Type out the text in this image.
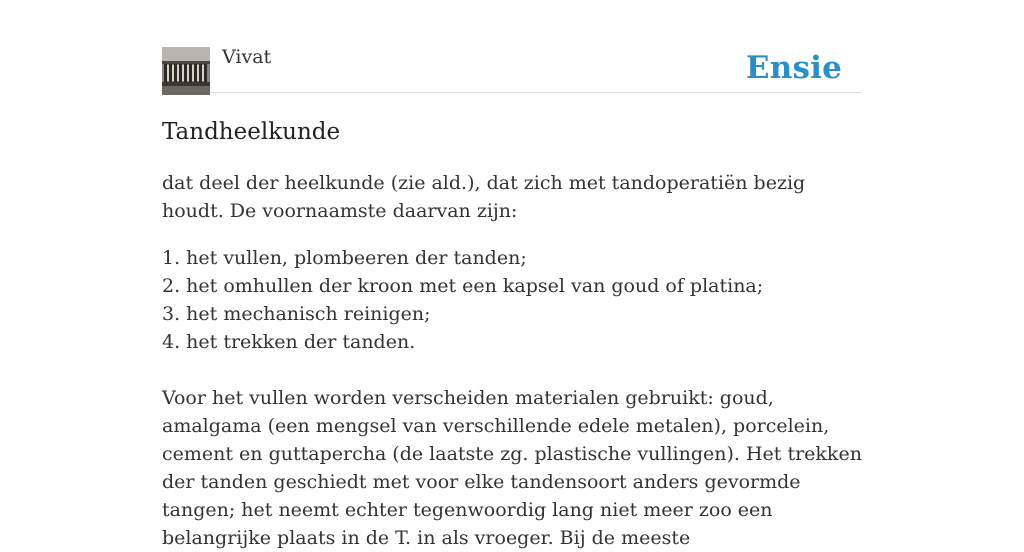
Vivat	Ensie
Tandheelkunde

dat deel der heelkunde (zie ald.), dat zich met tandoperatiën bezig houdt. De voornaamste daarvan zijn:

1. het vullen, plombeeren der tanden;
2. het omhullen der kroon met een kapsel van goud of platina;
3. het mechanisch reinigen;
4. het trekken der tanden.

Voor het vullen worden verscheiden materialen gebruikt: goud, amalgama (een mengsel van verschillende edele metalen), porcelein, cement en guttapercha (de laatste zg. plastische vullingen). Het trekken der tanden geschiedt met voor elke tandensoort anders gevormde tangen; het neemt echter tegenwoordig lang niet meer zoo een belangrijke plaats in de T. in als vroeger. Bij de meeste
